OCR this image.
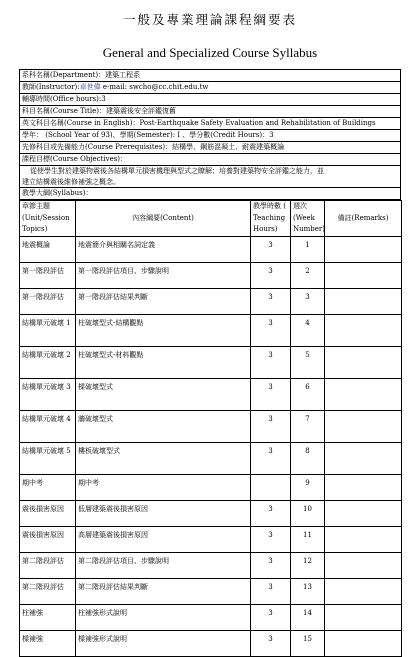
一般及專業理論課程綱要表
General and Specialized Course Syllabus
系科名稱(Department)：建築工程系
教師(Instructor):卓世偉 e-mail: swcho@cc.chit.edu.tw
輔導時間(Office hours):3
科目名稱(Course Title)：建築震後安全評鑑復舊
英文科目名稱(Course in English)：Post-Earthquake Safety Evaluation and Rehabilitation of Buildings
學年： (School Year of 93)、學期(Semester): I 、學分數(Credit Hours)：3
先修科目或先備能力(Course Prerequisites)：結構學、鋼筋混凝土、耐震建築概論
課程目標(Course Objectives)：
從使學生對於建築物震後各結構單元損害機理與型式之瞭解；培養對建築物安全評鑑之能力，並
建立結構震後維修補強之概念。
教學大綱(Syllabus)：
章節主題 (Unit/Session Topics)	內容綱要(Content)	教學時數 ( Teaching Hours)	週次 (Week Number)	備註(Remarks)
地震概論	地震簡介與相關名詞定義	3	1	
第一階段評估	第一階段評估項目、步驟說明	3	2	
第一階段評估	第一階段評估結果判斷	3	3	
結構單元破壞 1	柱破壞型式-結構觀點	3	4	
結構單元破壞 2	柱破壞型式-材料觀點	3	5	
結構單元破壞 3	樑破壞型式	3	6	
結構單元破壞 4	牆破壞型式	3	7	
結構單元破壞 5	樓板破壞型式	3	8	
期中考	期中考		9	
震後損害原因	低層建築震後損害原因	3	10	
震後損害原因	高層建築震後損害原因	3	11	
第二階段評估	第二階段評估項目、步驟說明	3	12	
第二階段評估	第二階段評估結果判斷	3	13	
柱補強	柱補強形式說明	3	14	
樑補強	樑補強形式說明	3	15	
